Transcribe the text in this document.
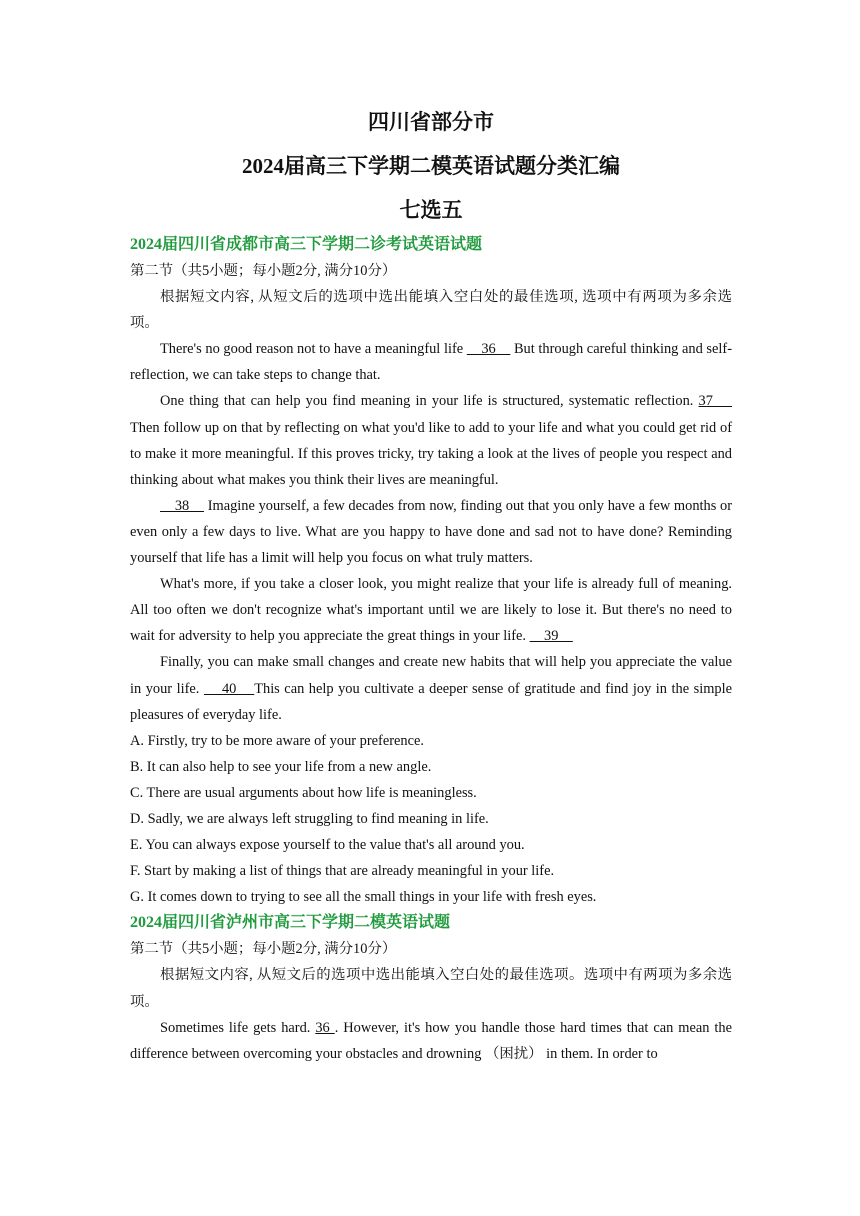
四川省部分市

2024届高三下学期二模英语试题分类汇编

七选五

2024届四川省成都市高三下学期二诊考试英语试题

第二节（共5小题；每小题2分, 满分10分）

根据短文内容, 从短文后的选项中选出能填入空白处的最佳选项, 选项中有两项为多余选项。

There's no good reason not to have a meaningful life     36     But through careful thinking and self-reflection, we can take steps to change that.

One thing that can help you find meaning in your life is structured, systematic reflection. 37     Then follow up on that by reflecting on what you'd like to add to your life and what you could get rid of to make it more meaningful. If this proves tricky, try taking a look at the lives of people you respect and thinking about what makes you think their lives are meaningful.

38     Imagine yourself, a few decades from now, finding out that you only have a few months or even only a few days to live. What are you happy to have done and sad not to have done? Reminding yourself that life has a limit will help you focus on what truly matters.

What's more, if you take a closer look, you might realize that your life is already full of meaning. All too often we don't recognize what's important until we are likely to lose it. But there's no need to wait for adversity to help you appreciate the great things in your life.     39

Finally, you can make small changes and create new habits that will help you appreciate the value in your life.     40    This can help you cultivate a deeper sense of gratitude and find joy in the simple pleasures of everyday life.

A. Firstly, try to be more aware of your preference.

B. It can also help to see your life from a new angle.

C. There are usual arguments about how life is meaningless.

D. Sadly, we are always left struggling to find meaning in life.

E. You can always expose yourself to the value that's all around you.

F. Start by making a list of things that are already meaningful in your life.

G. It comes down to trying to see all the small things in your life with fresh eyes.

2024届四川省泸州市高三下学期二模英语试题

第二节（共5小题；每小题2分, 满分10分）

根据短文内容, 从短文后的选项中选出能填入空白处的最佳选项。选项中有两项为多余选项。

Sometimes life gets hard. 36 . However, it's how you handle those hard times that can mean the difference between overcoming your obstacles and drowning （困扰） in them. In order to
